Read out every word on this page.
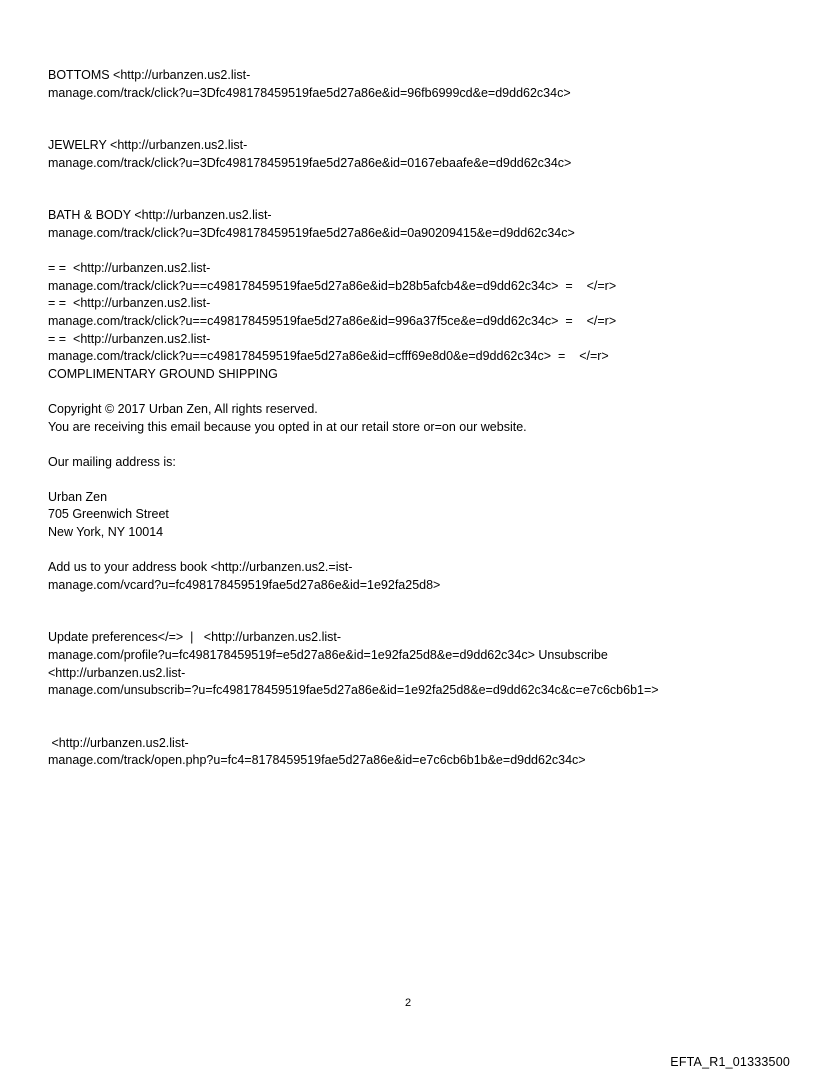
BOTTOMS <http://urbanzen.us2.list-
manage.com/track/click?u=3Dfc498178459519fae5d27a86e&id=96fb6999cd&e=d9dd62c34c>
JEWELRY <http://urbanzen.us2.list-
manage.com/track/click?u=3Dfc498178459519fae5d27a86e&id=0167ebaafe&e=d9dd62c34c>
BATH & BODY <http://urbanzen.us2.list-
manage.com/track/click?u=3Dfc498178459519fae5d27a86e&id=0a90209415&e=d9dd62c34c>
= =  <http://urbanzen.us2.list-
manage.com/track/click?u==c498178459519fae5d27a86e&id=b28b5afcb4&e=d9dd62c34c>  =    </=r>
= =  <http://urbanzen.us2.list-
manage.com/track/click?u==c498178459519fae5d27a86e&id=996a37f5ce&e=d9dd62c34c>  =    </=r>
= =  <http://urbanzen.us2.list-
manage.com/track/click?u==c498178459519fae5d27a86e&id=cfff69e8d0&e=d9dd62c34c>  =    </=r>
COMPLIMENTARY GROUND SHIPPING
Copyright © 2017 Urban Zen, All rights reserved.
You are receiving this email because you opted in at our retail store or=on our website.
Our mailing address is:
Urban Zen
705 Greenwich Street
New York, NY 10014
Add us to your address book <http://urbanzen.us2.=ist-
manage.com/vcard?u=fc498178459519fae5d27a86e&id=1e92fa25d8>
Update preferences</=>  |   <http://urbanzen.us2.list-
manage.com/profile?u=fc498178459519f=e5d27a86e&id=1e92fa25d8&e=d9dd62c34c> Unsubscribe
<http://urbanzen.us2.list-
manage.com/unsubscrib=?u=fc498178459519fae5d27a86e&id=1e92fa25d8&e=d9dd62c34c&c=e7c6cb6b1=>
<http://urbanzen.us2.list-
manage.com/track/open.php?u=fc4=8178459519fae5d27a86e&id=e7c6cb6b1b&e=d9dd62c34c>
2
EFTA_R1_01333500
